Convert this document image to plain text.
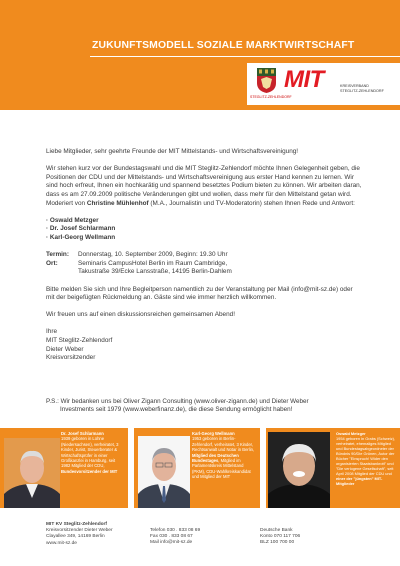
ZUKUNFTSMODELL SOZIALE MARKTWIRTSCHAFT
STEGLITZ-ZEHLENDORF
MIT	KREISVERBAND
STEGLITZ-ZEHLENDORF

Liebe Mitglieder, sehr geehrte Freunde der MIT Mittelstands- und Wirtschaftsvereinigung!

Wir stehen kurz vor der Bundestagswahl und die MIT Steglitz-Zehlendorf möchte Ihnen Gelegenheit geben, die Positionen der CDU und der Mittelstands- und Wirtschaftsvereinigung aus erster Hand kennen zu lernen. Wir sind hoch erfreut, Ihnen ein hochkarätig und spannend besetztes Podium bieten zu können. Wir arbeiten daran, dass es am 27.09.2009 politische Veränderungen gibt und wollen, dass mehr für den Mittelstand getan wird. Moderiert von Christine Mühlenhof (M.A., Journalistin und TV-Moderatorin) stehen Ihnen Rede und Antwort:

· Oswald Metzger
· Dr. Josef Schlarmann
· Karl-Georg Wellmann
Termin:	Donnerstag, 10. September 2009, Beginn: 19.30 Uhr
Ort:	Seminaris CampusHotel Berlin im Raum Cambridge,
Takustraße 39/Ecke Lansstraße, 14195 Berlin-Dahlem

Bitte melden Sie sich und Ihre Begleitperson namentlich zu der Veranstaltung per Mail (info@mit-sz.de) oder mit der beigefügten Rückmeldung an. Gäste sind wie immer herzlich willkommen.

Wir freuen uns auf einen diskussionsreichen gemeinsamen Abend!

Ihre
MIT Steglitz-Zehlendorf
Dieter Weber
Kreisvorsitzender
P.S.: Wir bedanken uns bei Oliver Zigann Consulting (www.oliver-zigann.de) und Dieter Weber
Investments seit 1979 (www.weberfinanz.de), die diese Sendung ermöglicht haben!
Dr. Josef Schlarmann
1939 geboren in Lohne (Niedersachsen), verheiratet, 3 Kinder, Jurist, Steuerberater & Wirtschaftsprüfer in einer Großkanzlei in Hamburg, seit 1982 Mitglied der CDU, Bundesvorsitzender der MIT
Karl-Georg Wellmann
1953 geboren in Berlin-Zehlendorf, verheiratet, 3 Kinder, Rechtsanwalt und Notar in Berlin, Mitglied des Deutschen Bundestages, Mitglied im Parlamentskreis Mittelstand (PKM), CDU-Wahlkreiskandidat und Mitglied der MIT
Oswald Metzger
1954 geboren in Grabs (Schweiz), verheiratet, ehemaliges Mitglied und Bundestagsabgeordneter der Bündnis 90/Die Grünen, Autor der Bücher "Einspruch! Wider den organisierten Staatsbankrott" und "Die verlogene Gesellschaft", seit April 2008 Mitglied der CDU und einer der "jüngsten" MIT-Mitglieder
MIT KV Steglitz-Zehlendorf
Kreisvorsitzender Dieter Weber
Clayallee 349, 14169 Berlin
www.mit-sz.de
Telefon 030 . 833 08 69
Fax 030 . 833 08 67
Mail info@mit-sz.de
Deutsche Bank
Konto 070 117 706
BLZ 100 700 00
